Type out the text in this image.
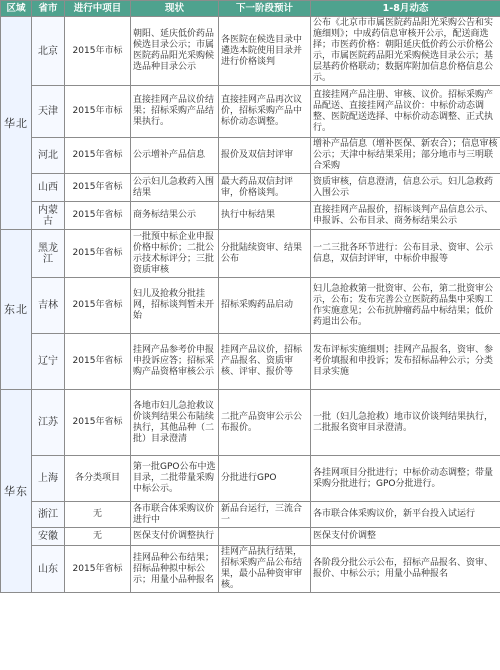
区域	省市	进行中项目	现状	下一阶段预计	1-8月动态
华北	北京	2015年市标	朝阳、延庆低价药品候选目录公示；市属医院药品阳光采购候选品种目录公示	各医院在候选目录中遴选本院使用目录并进行价格谈判	公布《北京市市属医院药品阳光采购公告和实施细则》；中成药信息审核开公示，配送商选择；市医药价格：朝阳延庆低价药公示价格公示，市属医院药品阳光采购候选目录公示；基层基药价格联动；数据库附加信息价格信息公示。
	天津	2015年市标	直接挂网产品议价结果；招标采购产品结果执行。	直接挂网产品再次议价，招标采购产品中标价动态调整。	直接挂网产品注册、审核、议价。招标采购产品配送、直接挂网产品议价：中标价动态调整、医院配送选择、中标价动态调整、正式执行。
	河北	2015年省标	公示增补产品信息	报价及双信封评审	增补产品信息（增补医保、新农合）；信息审核公示；天津中标结果采用；部分地市与三明联合采购
	山西	2015年省标	公示妇儿急救药入围结果	最大药品双信封评审，价格谈判。	资质审核，信息澄清，信息公示。妇儿急救药入围公示
	内蒙古	2015年省标	商务标结果公示	执行中标结果	直接挂网产品报价，招标谈判产品信息公示、申报诉、公布目录、商务标结果公示
东北	黑龙江	2015年省标	一批预中标企业申报价格中标价；二批公示技术标评分；三批资质审核	分批陆续资审、结果公布	一二三批各环节进行：公布目录、资审、公示信息，双信封评审，中标价申报等
	吉林	2015年省标	妇儿及抢救分批挂网，招标谈判暂未开始	招标采购药品启动	妇儿急抢救第一批资审、公布，第二批资审公示，公布；发布完善公立医院药品集中采购工作实施意见；公布抗肿瘤药品中标结果；低价药退出公布。
	辽宁	2015年省标	挂网产品参考价申报申投诉应答；招标采购产品资格审核公示	挂网产品议价，招标产品报名、资质审核、评审、报价等	发布评标实施细则；挂网产品报名，资审、参考价填报和申投诉；发布招标品种公示；分类目录实施
华东	江苏	2015年省标	各地市妇儿急抢救议价谈判结果公布陆续执行，其他品种（二批）目录澄清	二批产品资审公示公布报价。	一批（妇儿急抢救）地市议价谈判结果执行，二批报名资审目录澄清。
	上海	各分类项目	第一批GPO公布中选目录，二批带量采购中标公示。	分批进行GPO	各挂网项目分批进行；中标价动态调整；带量采购分批进行；GPO分批进行。
	浙江	无	各市联合体采购议价进行中	新品台运行，三流合一	各市联合体采购议价，新平台投入试运行
	安徽	无	医保支付价调整执行		医保支付价调整
	山东	2015年省标	挂网品种公布结果；招标品种拟中标公示；用量小品种报名	挂网产品执行结果，招标采购产品公布结果，最小品种资审审核。	各阶段分批公示公布，招标产品报名、资审、报价、中标公示；用量小品种报名
